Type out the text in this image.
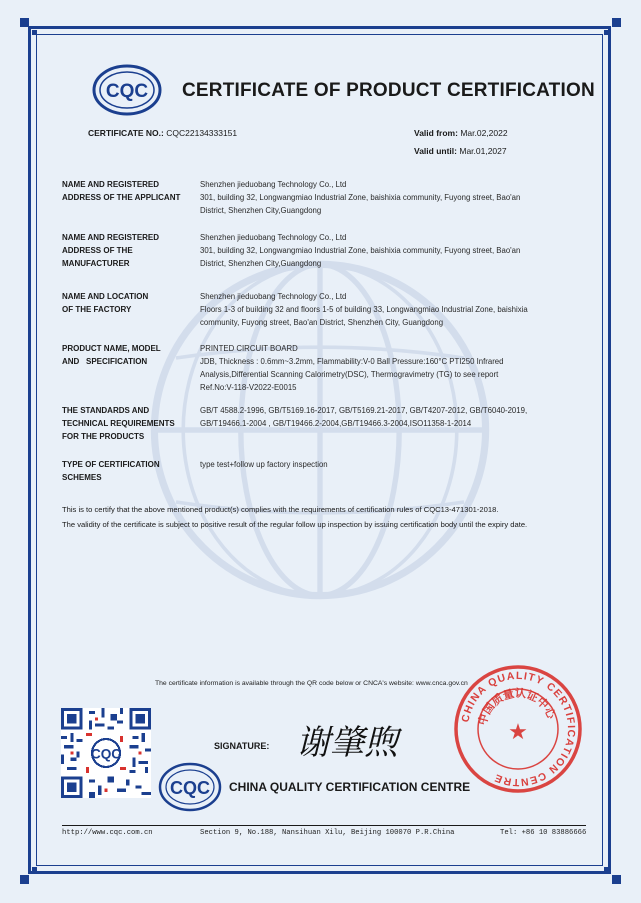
CQC CERTIFICATE OF PRODUCT CERTIFICATION
CERTIFICATE NO.: CQC22134333151	Valid from: Mar.02,2022
Valid until: Mar.01,2027
NAME AND REGISTERED
ADDRESS OF THE APPLICANT
Shenzhen jieduobang Technology Co., Ltd
301, building 32, Longwangmiao Industrial Zone, baishixia community, Fuyong street, Bao'an
District, Shenzhen City,Guangdong
NAME AND REGISTERED
ADDRESS OF THE
MANUFACTURER
Shenzhen jieduobang Technology Co., Ltd
301, building 32, Longwangmiao Industrial Zone, baishixia community, Fuyong street, Bao'an
District, Shenzhen City,Guangdong
NAME AND LOCATION
OF THE FACTORY
Shenzhen jieduobang Technology Co., Ltd
Floors 1-3 of building 32 and floors 1-5 of building 33, Longwangmiao Industrial Zone, baishixia
community, Fuyong street, Bao'an District, Shenzhen City, Guangdong
PRODUCT NAME, MODEL
AND   SPECIFICATION
PRINTED CIRCUIT BOARD
JDB, Thickness : 0.6mm~3.2mm, Flammability:V-0 Ball Pressure:160°C PTI250 Infrared
Analysis,Differential Scanning Calorimetry(DSC), Thermogravimetry (TG) to see report
Ref.No:V-118-V2022-E0015
THE STANDARDS AND
TECHNICAL REQUIREMENTS
FOR THE PRODUCTS
GB/T 4588.2-1996, GB/T5169.16-2017, GB/T5169.21-2017, GB/T4207-2012, GB/T6040-2019,
GB/T19466.1-2004 , GB/T19466.2-2004,GB/T19466.3-2004,ISO11358-1-2014
TYPE OF CERTIFICATION
SCHEMES
type test+follow up factory inspection
This is to certify that the above mentioned product(s) complies with the requirements of certification rules of CQC13-471301-2018.
The validity of the certificate is subject to positive result of the regular follow up inspection by issuing certification body until the expiry date.
The certificate information is available through the QR code below or CNCA's website: www.cnca.gov.cn
CQC
SIGNATURE: 谢肇煦
CQC CHINA QUALITY CERTIFICATION CENTRE
CHINA QUALITY CERTIFICATION CENTRE
中国质量认证中心
★
http://www.cqc.com.cn	Section 9, No.188, Nansihuan Xilu, Beijing 100070 P.R.China	Tel: +86 10 83886666
